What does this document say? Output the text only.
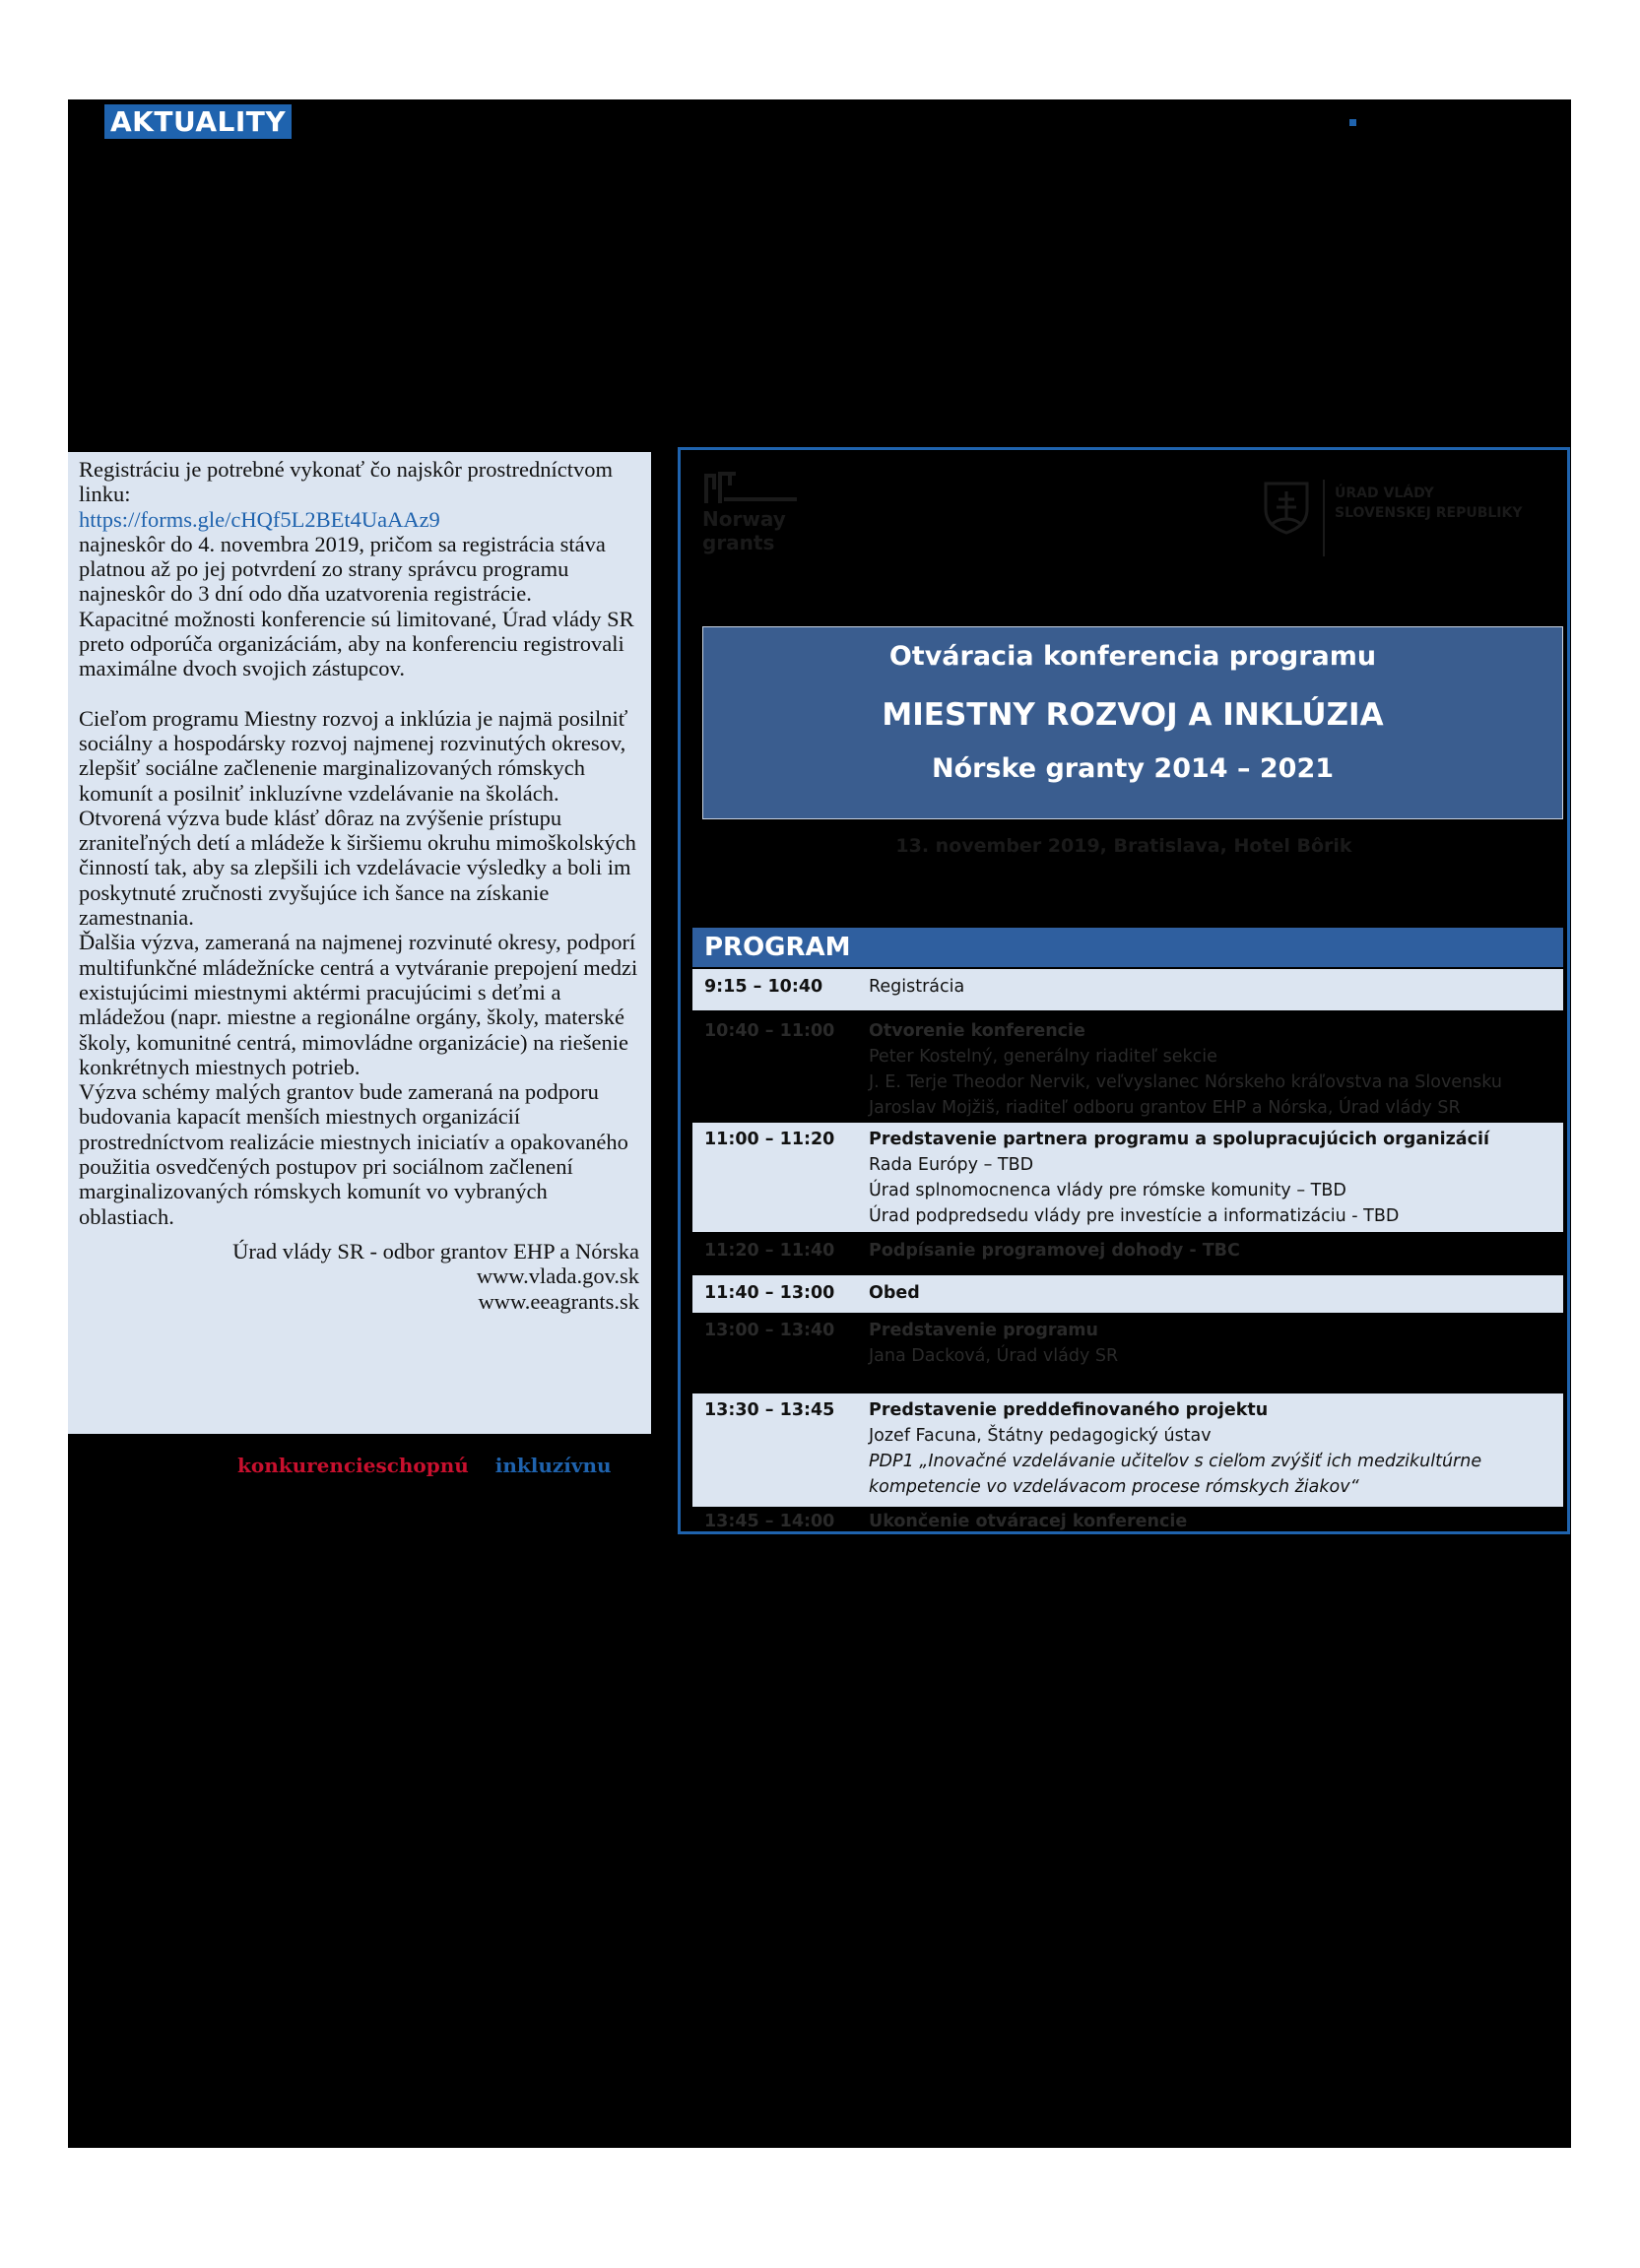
AKTUALITY

Registráciu je potrebné vykonať čo najskôr prostredníctvom linku:

https://forms.gle/cHQf5L2BEt4UaAAz9

najneskôr do 4. novembra 2019, pričom sa registrácia stáva platnou až po jej potvrdení zo strany správcu programu najneskôr do 3 dní odo dňa uzatvorenia registrácie.

Kapacitné možnosti konferencie sú limitované, Úrad vlády SR preto odporúča organizáciám, aby na konferenciu registrovali maximálne dvoch svojich zástupcov.

Cieľom programu Miestny rozvoj a inklúzia je najmä posilniť sociálny a hospodársky rozvoj najmenej rozvinutých okresov, zlepšiť sociálne začlenenie marginalizovaných rómskych komunít a posilniť inkluzívne vzdelávanie na školách.

Otvorená výzva bude klásť dôraz na zvýšenie prístupu zraniteľných detí a mládeže k širšiemu okruhu mimoškolských činností tak, aby sa zlepšili ich vzdelávacie výsledky a boli im poskytnuté zručnosti zvyšujúce ich šance na získanie zamestnania.

Ďalšia výzva, zameraná na najmenej rozvinuté okresy, podporí multifunkčné mládežnícke centrá a vytváranie prepojení medzi existujúcimi miestnymi aktérmi pracujúcimi s deťmi a mládežou (napr. miestne a regionálne orgány, školy, materské školy, komunitné centrá, mimovládne organizácie) na riešenie konkrétnych miestnych potrieb.

Výzva schémy malých grantov bude zameraná na podporu budovania kapacít menších miestnych organizácií prostredníctvom realizácie miestnych iniciatív a opakovaného použitia osvedčených postupov pri sociálnom začlenení marginalizovaných rómskych komunít vo vybraných oblastiach.

Úrad vlády SR - odbor grantov EHP a Nórska

www.vlada.gov.sk

www.eeagrants.sk

konkurencieschopnú inkluzívnu
Norway
grants
ÚRAD VLÁDY
SLOVENSKEJ REPUBLIKY
Otváracia konferencia programu
MIESTNY ROZVOJ A INKLÚZIA
Nórske granty 2014 – 2021
13. november 2019, Bratislava, Hotel Bôrik
PROGRAM
9:15 – 10:40	Registrácia
10:40 – 11:00 Otvorenie konferencie
Peter Kostelný, generálny riaditeľ sekcie
J. E. Terje Theodor Nervik, veľvyslanec Nórskeho kráľovstva na Slovensku
Jaroslav Mojžiš, riaditeľ odboru grantov EHP a Nórska, Úrad vlády SR
11:00 – 11:20 Predstavenie partnera programu a spolupracujúcich organizácií
Rada Európy – TBD
Úrad splnomocnenca vlády pre rómske komunity – TBD
Úrad podpredsedu vlády pre investície a informatizáciu - TBD
11:20 – 11:40 Podpísanie programovej dohody - TBC
11:40 – 13:00 Obed
13:00 – 13:40 Predstavenie programu
Jana Dacková, Úrad vlády SR
13:30 – 13:45 Predstavenie preddefinovaného projektu
Jozef Facuna, Štátny pedagogický ústav
PDP1 „Inovačné vzdelávanie učiteľov s cieľom zvýšiť ich medzikultúrne
kompetencie vo vzdelávacom procese rómskych žiakov“
13:45 – 14:00 Ukončenie otváracej konferencie
